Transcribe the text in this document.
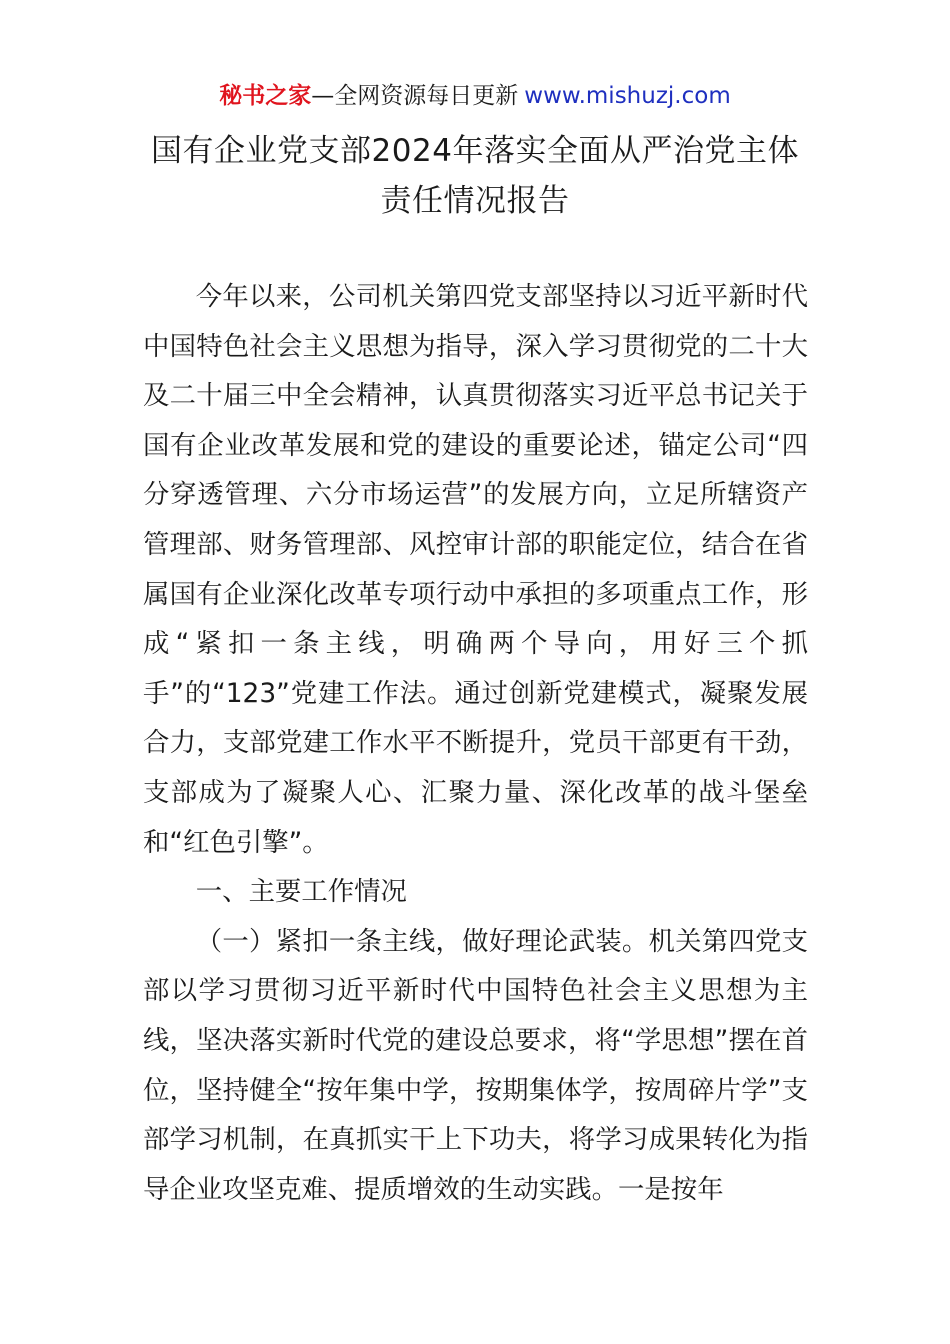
秘书之家—全网资源每日更新 www.mishuzj.com
国有企业党支部2024年落实全面从严治党主体
责任情况报告

今年以来，公司机关第四党支部坚持以习近平新时代中国特色社会主义思想为指导，深入学习贯彻党的二十大及二十届三中全会精神，认真贯彻落实习近平总书记关于国有企业改革发展和党的建设的重要论述，锚定公司“四分穿透管理、六分市场运营”的发展方向，立足所辖资产管理部、财务管理部、风控审计部的职能定位，结合在省属国有企业深化改革专项行动中承担的多项重点工作，形成“紧扣一条主线，明确两个导向，用好三个抓手”的“123”党建工作法。通过创新党建模式，凝聚发展合力，支部党建工作水平不断提升，党员干部更有干劲，支部成为了凝聚人心、汇聚力量、深化改革的战斗堡垒和“红色引擎”。

一、主要工作情况

（一）紧扣一条主线，做好理论武装。机关第四党支部以学习贯彻习近平新时代中国特色社会主义思想为主线，坚决落实新时代党的建设总要求，将“学思想”摆在首位，坚持健全“按年集中学，按期集体学，按周碎片学”支部学习机制，在真抓实干上下功夫，将学习成果转化为指导企业攻坚克难、提质增效的生动实践。一是按年
